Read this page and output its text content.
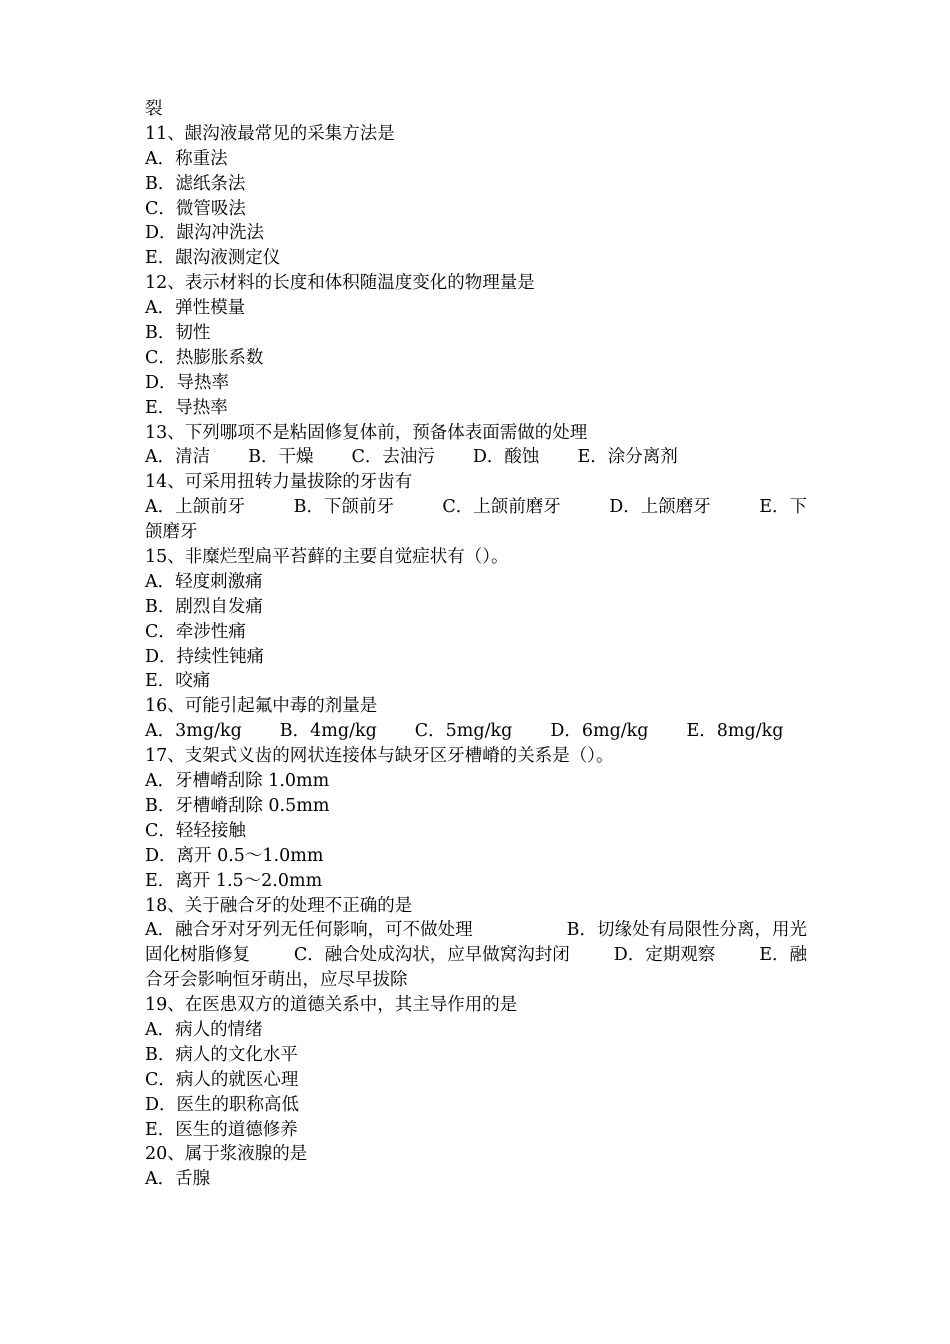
裂
11、龈沟液最常见的采集方法是
A．称重法
B．滤纸条法
C．微管吸法
D．龈沟冲洗法
E．龈沟液测定仪
12、表示材料的长度和体积随温度变化的物理量是
A．弹性模量
B．韧性
C．热膨胀系数
D．导热率
E．导热率
13、下列哪项不是粘固修复体前，预备体表面需做的处理
A．清洁 B．干燥 C．去油污 D．酸蚀 E．涂分离剂
14、可采用扭转力量拔除的牙齿有
A．上颌前牙	B．下颌前牙	C．上颌前磨牙	D．上颌磨牙	E．下
颌磨牙
15、非糜烂型扁平苔藓的主要自觉症状有（）。
A．轻度刺激痛
B．剧烈自发痛
C．牵涉性痛
D．持续性钝痛
E．咬痛
16、可能引起氟中毒的剂量是
A．3mg/kg B．4mg/kg C．5mg/kg D．6mg/kg E．8mg/kg
17、支架式义齿的网状连接体与缺牙区牙槽嵴的关系是（）。
A．牙槽嵴刮除 1.0mm
B．牙槽嵴刮除 0.5mm
C．轻轻接触
D．离开 0.5～1.0mm
E．离开 1.5～2.0mm
18、关于融合牙的处理不正确的是
A．融合牙对牙列无任何影响，可不做处理	B．切缘处有局限性分离，用光
固化树脂修复	C．融合处成沟状，应早做窝沟封闭	D．定期观察	E．融
合牙会影响恒牙萌出，应尽早拔除
19、在医患双方的道德关系中，其主导作用的是
A．病人的情绪
B．病人的文化水平
C．病人的就医心理
D．医生的职称高低
E．医生的道德修养
20、属于浆液腺的是
A．舌腺
